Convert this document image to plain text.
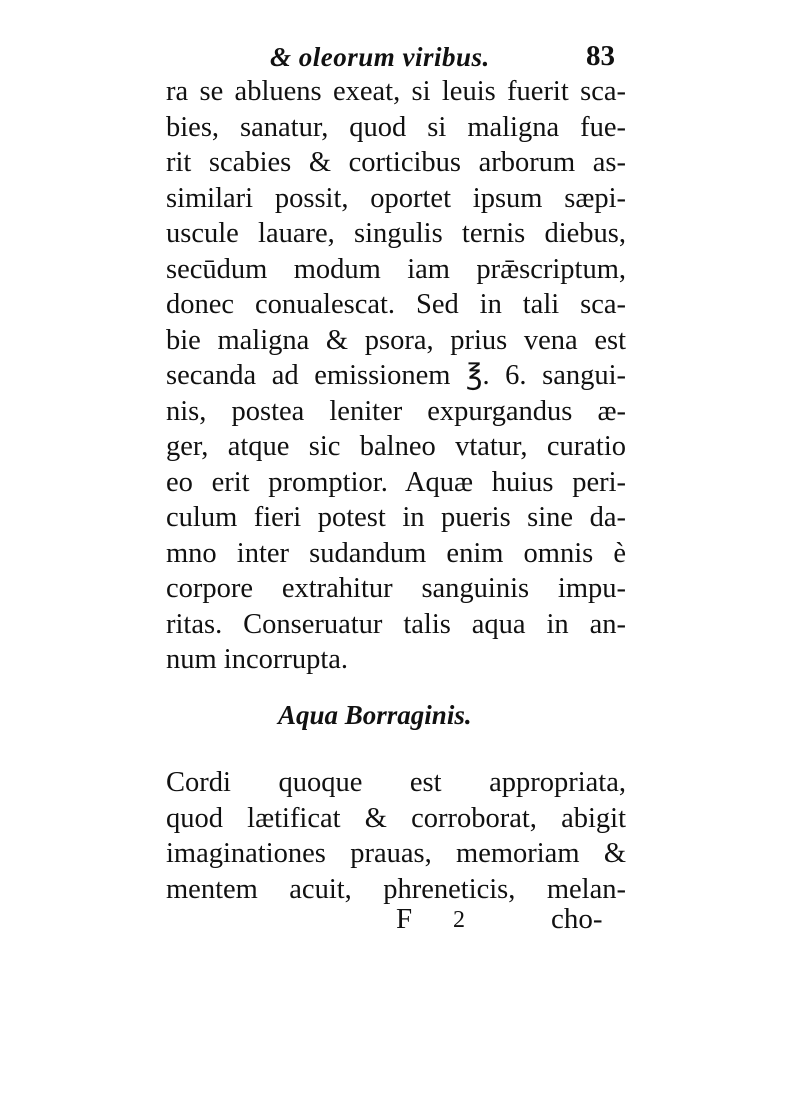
& oleorum viribus.	83
ra se abluens exeat, si leuis fuerit sca-
bies, sanatur, quod si maligna fue-
rit scabies & corticibus arborum as-
similari possit, oportet ipsum sæpi-
uscule lauare, singulis ternis diebus,
secūdum modum iam prǣscriptum,
donec conualescat. Sed in tali sca-
bie maligna & psora, prius vena est
secanda ad emissionem ℥. 6. sangui-
nis, postea leniter expurgandus æ-
ger, atque sic balneo vtatur, curatio
eo erit promptior. Aquæ huius peri-
culum fieri potest in pueris sine da-
mno inter sudandum enim omnis è
corpore extrahitur sanguinis impu-
ritas. Conseruatur talis aqua in an-
num incorrupta.
Aqua Borraginis.
Cordi quoque est appropriata,
quod lætificat & corroborat, abigit
imaginationes prauas, memoriam &
mentem acuit, phreneticis, melan-
F 2	cho-
